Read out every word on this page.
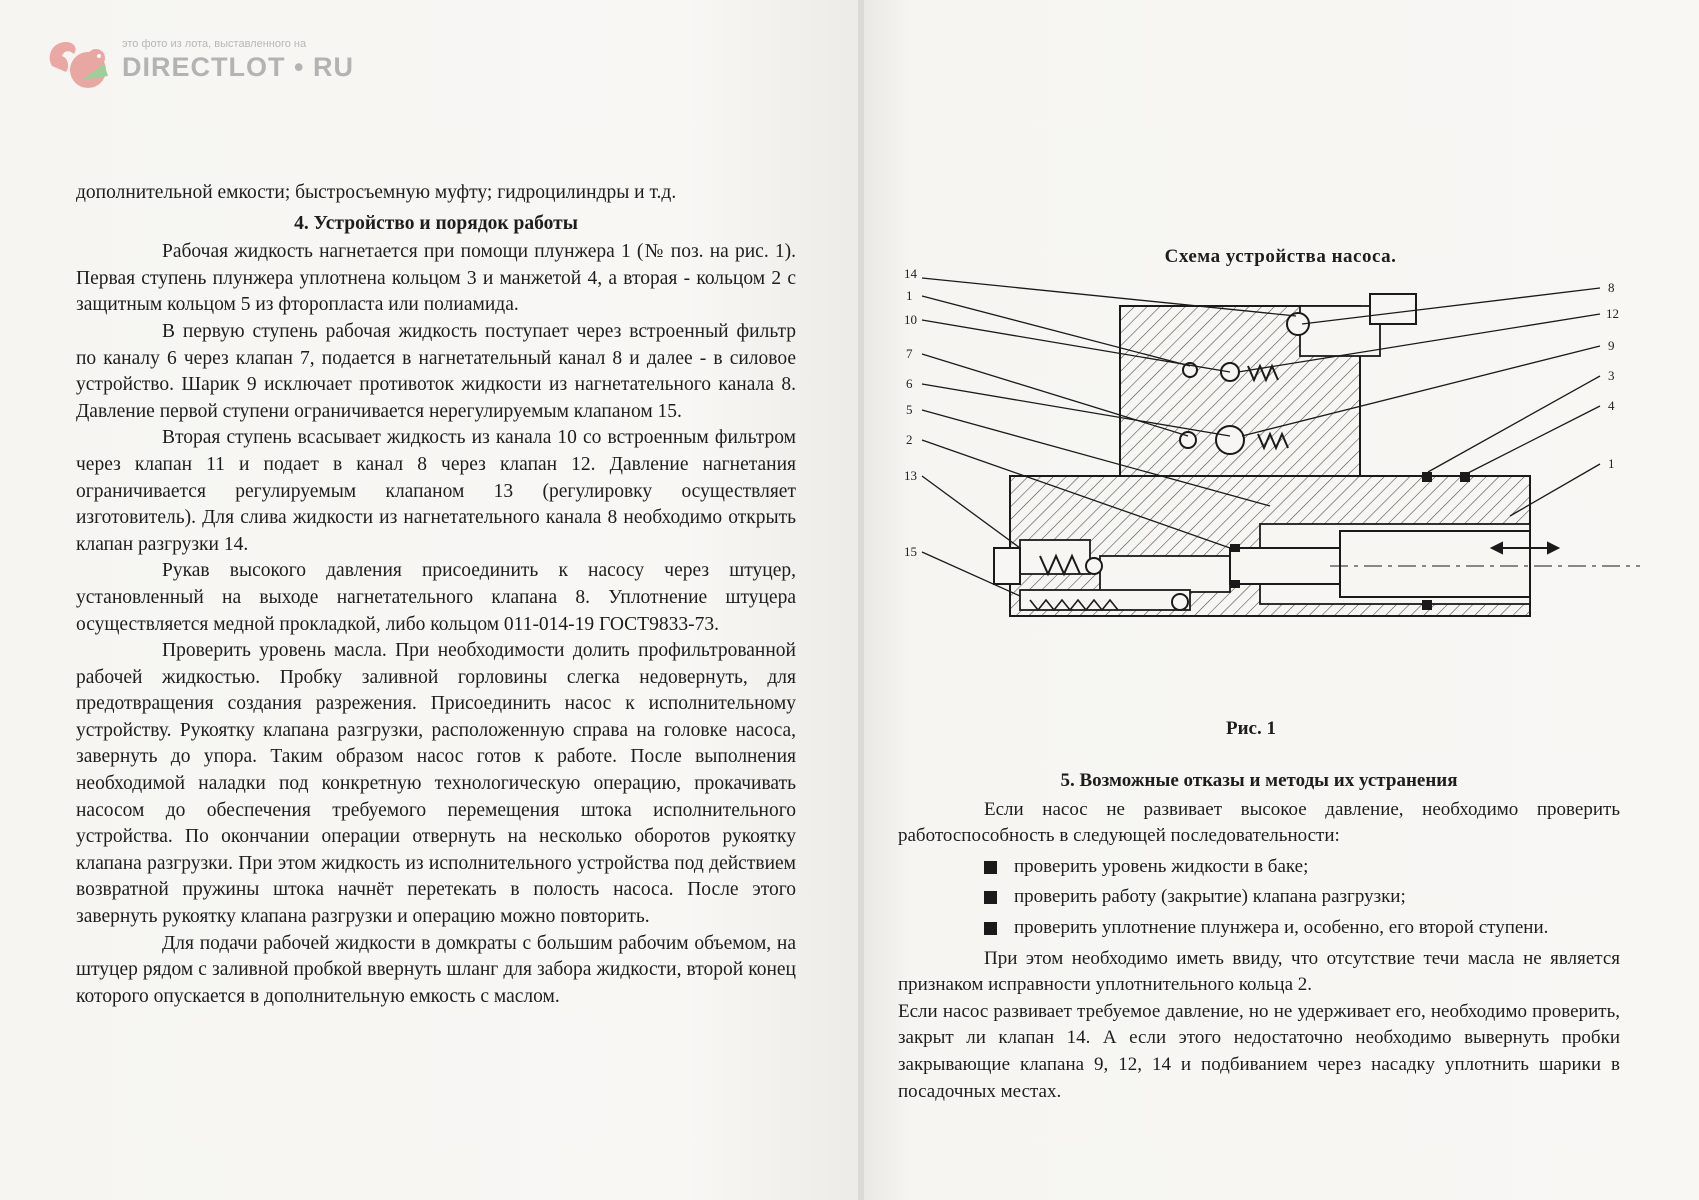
это фото из лота, выставленного на
DIRECTLOT • RU

дополнительной емкости; быстросъемную муфту; гидроцилиндры и т.д.

4. Устройство и порядок работы

Рабочая жидкость нагнетается при помощи плунжера 1 (№ поз. на рис. 1). Первая ступень плунжера уплотнена кольцом 3 и манжетой 4, а вторая - кольцом 2 с защитным кольцом 5 из фторопласта или полиамида.

В первую ступень рабочая жидкость поступает через встроенный фильтр по каналу 6 через клапан 7, подается в нагнетательный канал 8 и далее - в силовое устройство. Шарик 9 исключает противоток жидкости из нагнетательного канала 8. Давление первой ступени ограничивается нерегулируемым клапаном 15.

Вторая ступень всасывает жидкость из канала 10 со встроенным фильтром через клапан 11 и подает в канал 8 через клапан 12. Давление нагнетания ограничивается регулируемым клапаном 13 (регулировку осуществляет изготовитель). Для слива жидкости из нагнетательного канала 8 необходимо открыть клапан разгрузки 14.

Рукав высокого давления присоединить к насосу через штуцер, установленный на выходе нагнетательного клапана 8. Уплотнение штуцера осуществляется медной прокладкой, либо кольцом 011-014-19 ГОСТ9833-73.

Проверить уровень масла. При необходимости долить профильтрованной рабочей жидкостью. Пробку заливной горловины слегка недовернуть, для предотвращения создания разрежения. Присоединить насос к исполнительному устройству. Рукоятку клапана разгрузки, расположенную справа на головке насоса, завернуть до упора. Таким образом насос готов к работе. После выполнения необходимой наладки под конкретную технологическую операцию, прокачивать насосом до обеспечения требуемого перемещения штока исполнительного устройства. По окончании операции отвернуть на несколько оборотов рукоятку клапана разгрузки. При этом жидкость из исполнительного устройства под действием возвратной пружины штока начнёт перетекать в полость насоса. После этого завернуть рукоятку клапана разгрузки и операцию можно повторить.

Для подачи рабочей жидкости в домкраты с большим рабочим объемом, на штуцер рядом с заливной пробкой ввернуть шланг для забора жидкости, второй конец которого опускается в дополнительную емкость с маслом.

Схема устройства насоса.
14
1
10
7
6
5
2
13
15
8
12
9
3
4
1
Рис. 1

5. Возможные отказы и методы их устранения

Если насос не развивает высокое давление, необходимо проверить работоспособность в следующей последовательности:

проверить уровень жидкости в баке;
проверить работу (закрытие) клапана разгрузки;
проверить уплотнение плунжера и, особенно, его второй ступени.

При этом необходимо иметь ввиду, что отсутствие течи масла не является признаком исправности уплотнительного кольца 2.

Если насос развивает требуемое давление, но не удерживает его, необходимо проверить, закрыт ли клапан 14. А если этого недостаточно необходимо вывернуть пробки закрывающие клапана 9, 12, 14 и подбиванием через насадку уплотнить шарики в посадочных местах.
